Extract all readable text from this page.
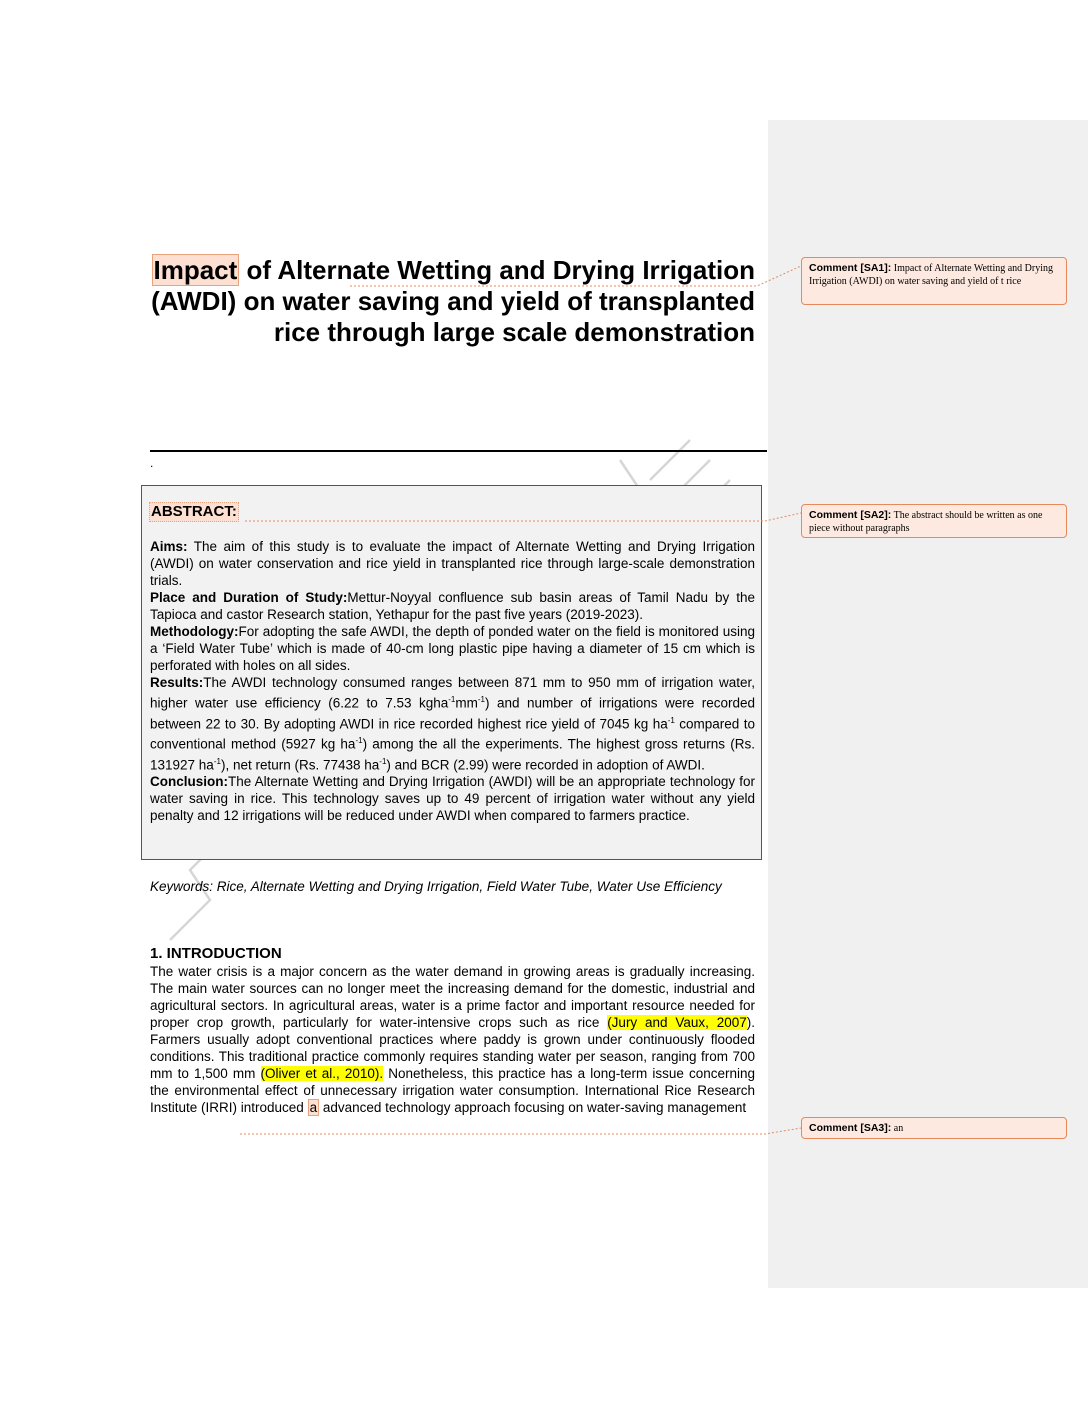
Impact of Alternate Wetting and Drying Irrigation (AWDI) on water saving and yield of transplanted rice through large scale demonstration
.
ABSTRACT:

Aims: The aim of this study is to evaluate the impact of Alternate Wetting and Drying Irrigation (AWDI) on water conservation and rice yield in transplanted rice through large-scale demonstration trials.

Place and Duration of Study:Mettur-Noyyal confluence sub basin areas of Tamil Nadu by the Tapioca and castor Research station, Yethapur for the past five years (2019-2023).

Methodology:For adopting the safe AWDI, the depth of ponded water on the field is monitored using a ‘Field Water Tube’ which is made of 40-cm long plastic pipe having a diameter of 15 cm which is perforated with holes on all sides.

Results:The AWDI technology consumed ranges between 871 mm to 950 mm of irrigation water, higher water use efficiency (6.22 to 7.53 $kgha^{-1}mm^{-1}$) and number of irrigations were recorded between 22 to 30. By adopting AWDI in rice recorded highest rice yield of 7045 kg $ha^{-1}$ compared to conventional method (5927 kg $ha^{-1}$) among the all the experiments. The highest gross returns (Rs. 131927 $ha^{-1}$), net return (Rs. 77438 $ha^{-1}$) and BCR (2.99) were recorded in adoption of AWDI.

Conclusion:The Alternate Wetting and Drying Irrigation (AWDI) will be an appropriate technology for water saving in rice. This technology saves up to 49 percent of irrigation water without any yield penalty and 12 irrigations will be reduced under AWDI when compared to farmers practice.

Keywords: Rice, Alternate Wetting and Drying Irrigation, Field Water Tube, Water Use Efficiency
1. INTRODUCTION

The water crisis is a major concern as the water demand in growing areas is gradually increasing. The main water sources can no longer meet the increasing demand for the domestic, industrial and agricultural sectors. In agricultural areas, water is a prime factor and important resource needed for proper crop growth, particularly for water-intensive crops such as rice (Jury and Vaux, 2007). Farmers usually adopt conventional practices where paddy is grown under continuously flooded conditions. This traditional practice commonly requires standing water per season, ranging from 700 mm to 1,500 mm (Oliver et al., 2010). Nonetheless, this practice has a long-term issue concerning the environmental effect of unnecessary irrigation water consumption. International Rice Research Institute (IRRI) introduced a advanced technology approach focusing on water-saving management

Comment [SA1]: Impact of Alternate Wetting and Drying Irrigation (AWDI) on water saving and yield of t rice
Comment [SA2]: The abstract should be written as one piece without paragraphs
Comment [SA3]: an
